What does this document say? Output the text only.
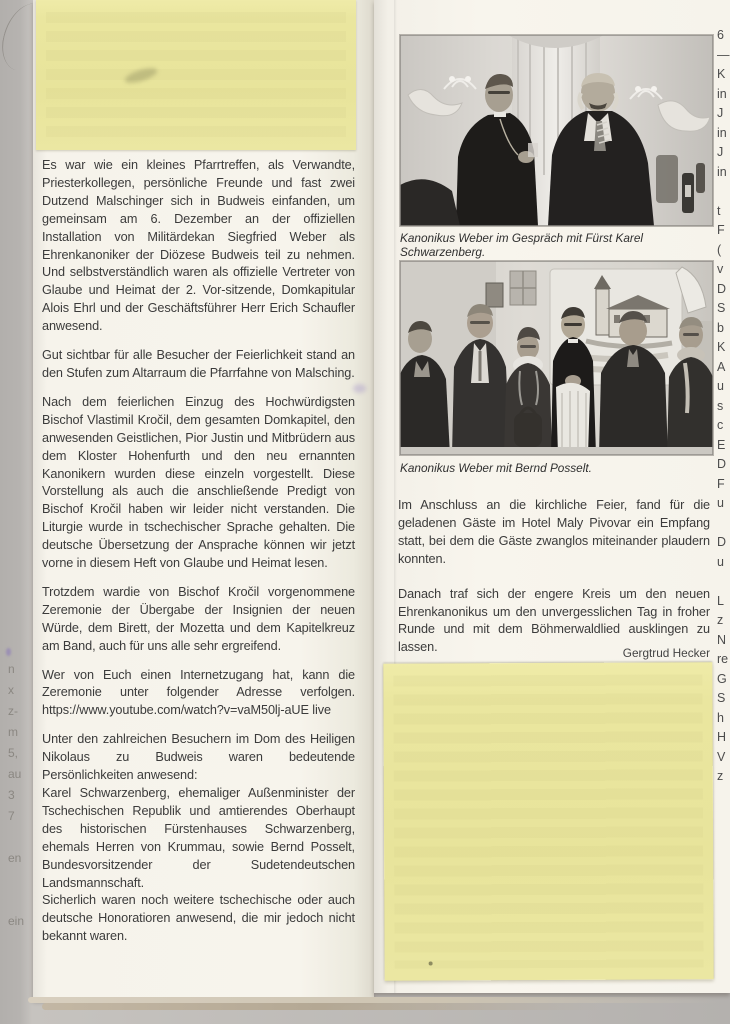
Es war wie ein kleines Pfarrtreffen, als Verwandte, Priesterkollegen, persönliche Freunde und fast zwei Dutzend Malschinger sich in Budweis einfanden, um gemeinsam am 6. Dezember an der offiziellen Installation von Militärdekan Siegfried Weber als Ehrenkanoniker der Diözese Budweis teil zu nehmen. Und selbstverständlich waren als offizielle Vertreter von Glaube und Heimat der 2. Vor-sitzende, Domkapitular Alois Ehrl und der Geschäftsführer Herr Erich Schaufler anwesend.

Gut sichtbar für alle Besucher der Feierlichkeit stand an den Stufen zum Altarraum die Pfarrfahne von Malsching.

Nach dem feierlichen Einzug des Hochwürdigsten Bischof Vlastimil Kročil, dem gesamten Domkapitel, den anwesenden Geistlichen, Pior Justin und Mitbrüdern aus dem Kloster Hohenfurth und den neu ernannten Kanonikern wurden diese einzeln vorgestellt. Diese Vorstellung als auch die anschließende Predigt von Bischof Kročil haben wir leider nicht verstanden. Die Liturgie wurde in tschechischer Sprache gehalten. Die deutsche Übersetzung der Ansprache können wir jetzt vorne in diesem Heft von Glaube und Heimat lesen.

Trotzdem wardie von Bischof Kročil vorgenommene Zeremonie der Übergabe der Insignien der neuen Würde, dem Birett, der Mozetta und dem Kapitelkreuz am Band, auch für uns alle sehr ergreifend.

Wer von Euch einen Internetzugang hat, kann die Zeremonie unter folgender Adresse verfolgen. https://www.youtube.com/watch?v=vaM50lj-aUE live

Unter den zahlreichen Besuchern im Dom des Heiligen Nikolaus zu Budweis waren bedeutende Persönlichkeiten anwesend:

Karel Schwarzenberg, ehemaliger Außenminister der Tschechischen Republik und amtierendes Oberhaupt des historischen Fürstenhauses Schwarzenberg, ehemals Herren von Krummau, sowie Bernd Posselt, Bundesvorsitzender der Sudetendeutschen Landsmannschaft.

Sicherlich waren noch weitere tschechische oder auch deutsche Honoratioren anwesend, die mir jedoch nicht bekannt waren.

Kanonikus Weber im Gespräch mit Fürst Karel Schwarzenberg.
Kanonikus Weber mit Bernd Posselt.

Im Anschluss an die kirchliche Feier, fand für die geladenen Gäste im Hotel Maly Pivovar ein Empfang statt, bei dem die Gäste zwanglos miteinander plaudern konnten.

Danach traf sich der engere Kreis um den neuen Ehrenkanonikus um den unvergesslichen Tag in froher Runde und mit dem Böhmerwaldlied ausklingen zu lassen.	Gergtrud Hecker
6
—
K
in
J
in
J
in
t
F
(
v
D
S
b
K
A
u
s
c
E
D
F
u
D
u
L
z
N
re
G
S
h
H
V
z
n
x
z-
m
5,
au
3
7
en
ein
